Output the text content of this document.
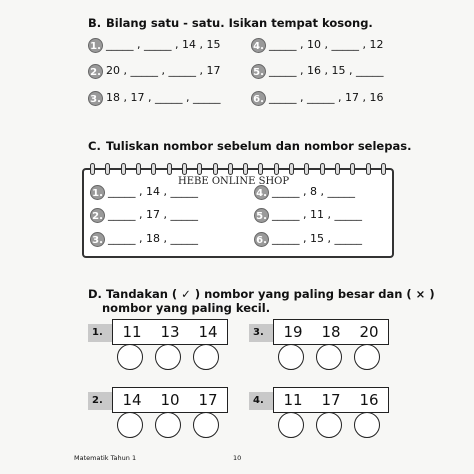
B. Bilang satu - satu. Isikan tempat kosong.
1. _____ , _____ , 14 , 15
2. 20 , _____ , _____ , 17
3. 18 , 17 , _____ , _____
4. _____ , 10 , _____ , 12
5. _____ , 16 , 15 , _____
6. _____ , _____ , 17 , 16
C. Tuliskan nombor sebelum dan nombor selepas.
1. _____ , 14 , _____
2. _____ , 17 , _____
3. _____ , 18 , _____
4. _____ , 8 , _____
5. _____ , 11 , _____
6. _____ , 15 , _____
HEBE ONLINE SHOP
D. Tandakan ( ✓ ) nombor yang paling besar dan ( × )
nombor yang paling kecil.
1.	11	13	14	3.	19	18	20
2.	14	10	17	4.	11	17	16
Matematik Tahun 1	10
